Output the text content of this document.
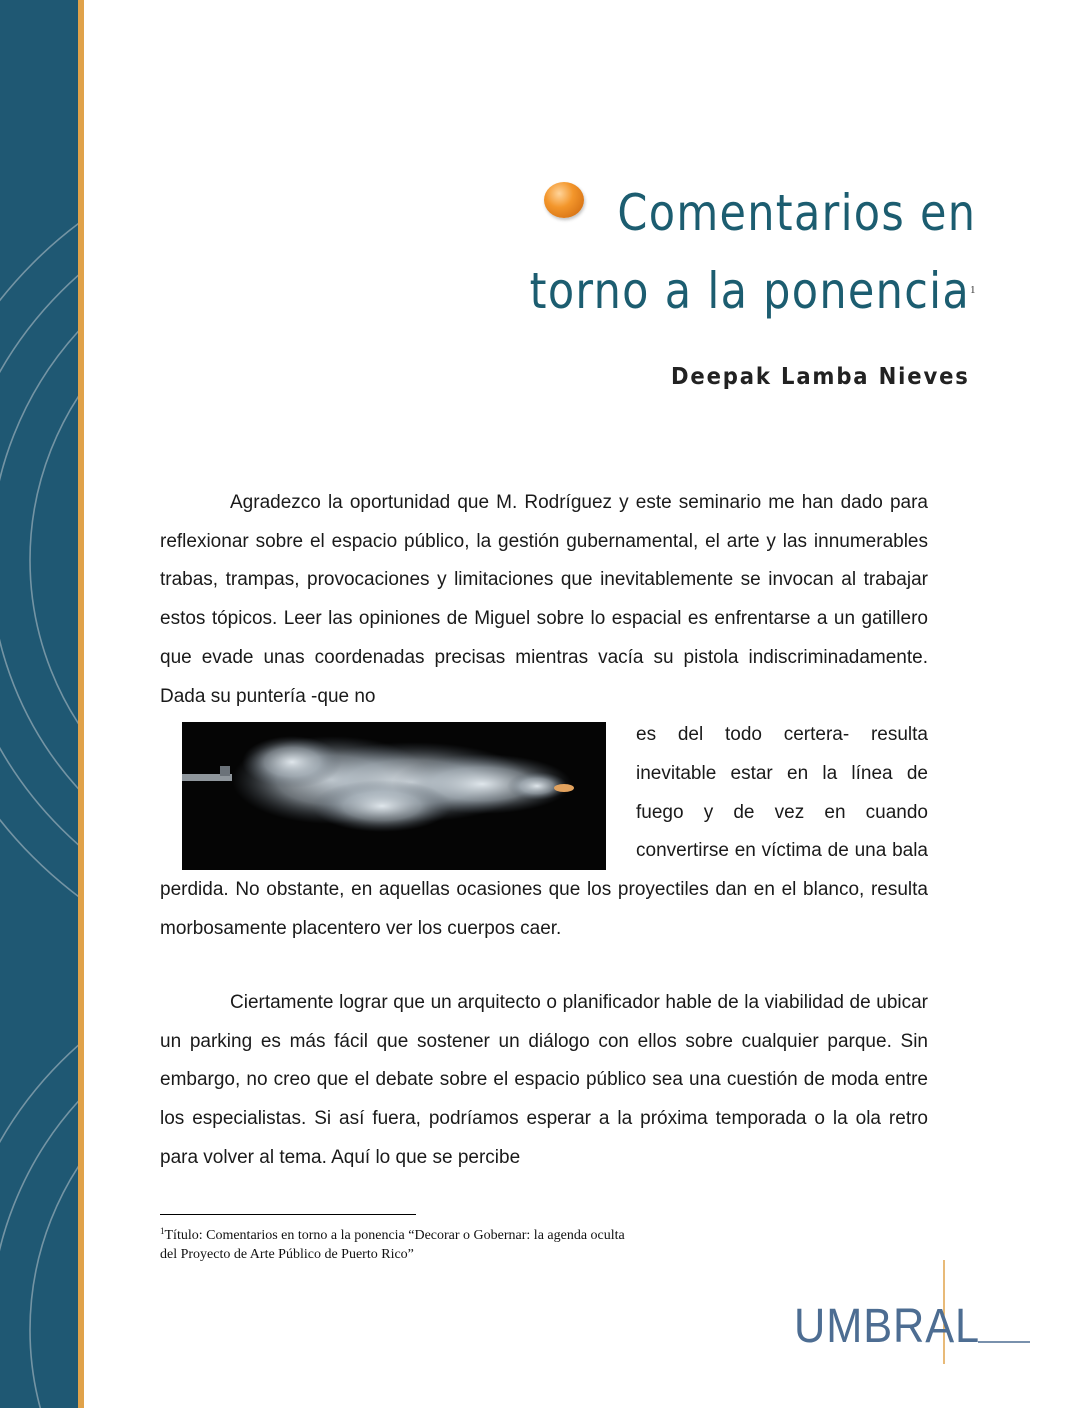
Comentarios en
torno a la ponencia 1
Deepak Lamba Nieves
Agradezco la oportunidad que M. Rodríguez y este seminario me han dado para reflexionar sobre el espacio público, la gestión gubernamental, el arte y las innumerables trabas, trampas, provocaciones y limitaciones que inevitablemente se invocan al trabajar estos tópicos. Leer las opiniones de Miguel sobre lo espacial es enfrentarse a un gatillero que evade unas coordenadas precisas mientras vacía su pistola indiscriminadamente. Dada su puntería -que no

es del todo certera- resulta inevitable estar en la línea de fuego y de vez en cuando convertirse en víctima de una bala perdida. No obstante, en aquellas ocasiones que los proyectiles dan en el blanco, resulta morbosamente placentero ver los cuerpos caer.
Ciertamente lograr que un arquitecto o planificador hable de la viabilidad de ubicar un parking es más fácil que sostener un diálogo con ellos sobre cualquier parque. Sin embargo, no creo que el debate sobre el espacio público sea una cuestión de moda entre los especialistas. Si así fuera, podríamos esperar a la próxima temporada o la ola retro para volver al tema. Aquí lo que se percibe
$^1$Título: Comentarios en torno a la ponencia “Decorar o Gobernar: la agenda oculta
del Proyecto de Arte Público de Puerto Rico”
UMBRAL
